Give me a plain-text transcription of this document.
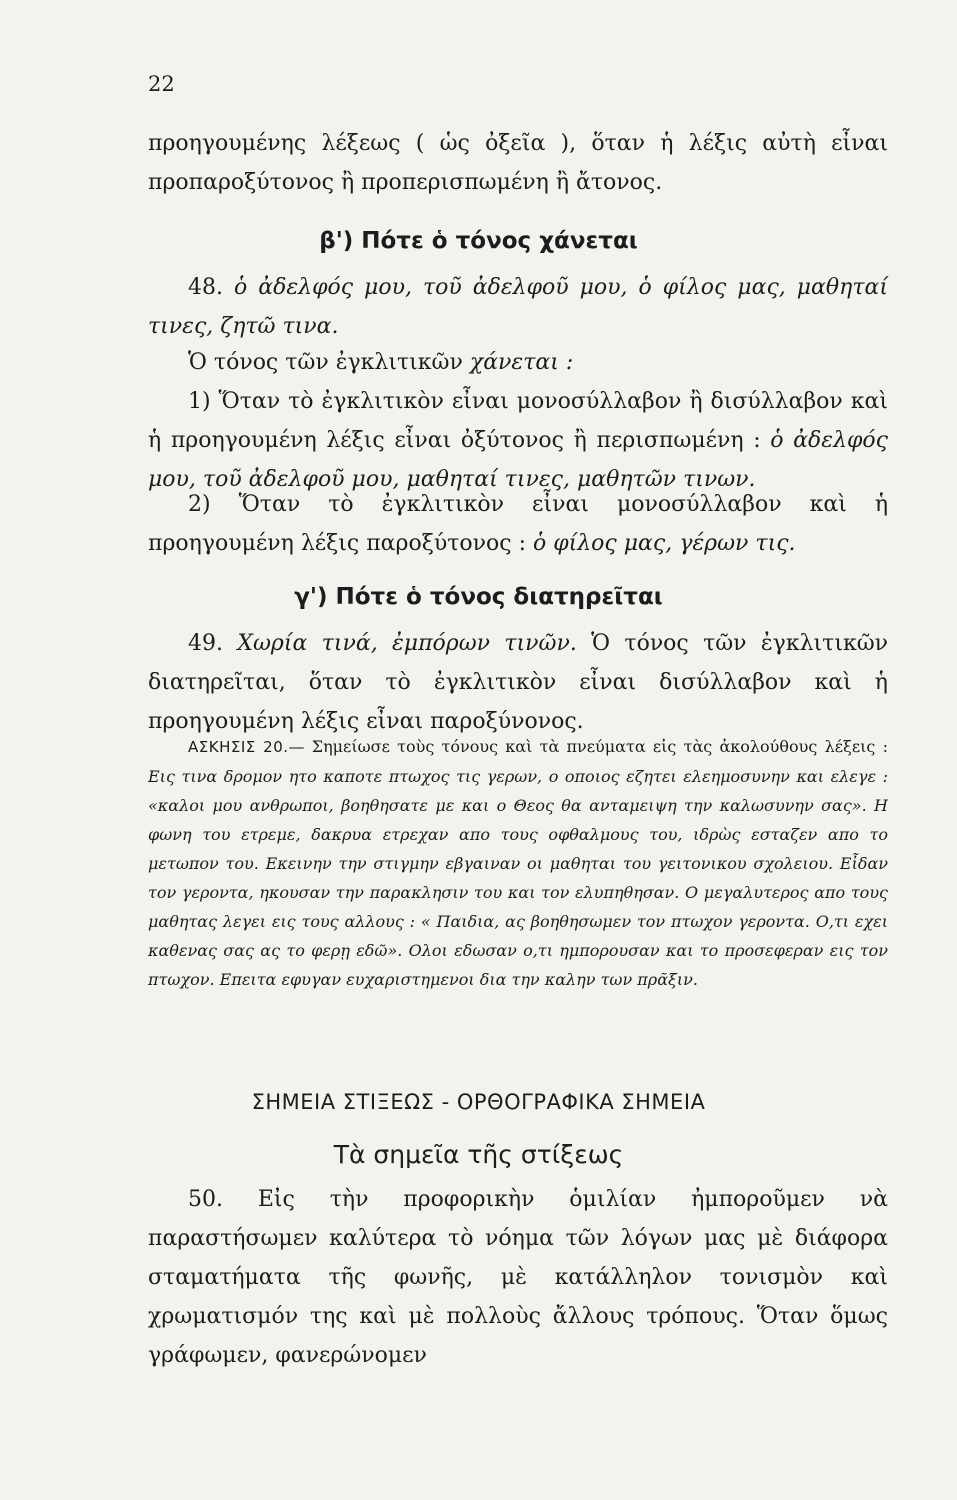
22
προηγουμένης λέξεως ( ὡς ὀξεῖα ), ὅταν ἡ λέξις αὐτὴ εἶναι προπαροξύτονος ἢ προπερισπωμένη ἢ ἄτονος.
β') Πότε ὁ τόνος χάνεται
48. ὁ ἀδελφός μου, τοῦ ἀδελφοῦ μου, ὁ φίλος μας, μαθηταί τινες, ζητῶ τινα.
Ὁ τόνος τῶν ἐγκλιτικῶν χάνεται :
1) Ὅταν τὸ ἐγκλιτικὸν εἶναι μονοσύλλαβον ἢ δισύλλαβον καὶ ἡ προηγουμένη λέξις εἶναι ὀξύτονος ἢ περισπωμένη : ὁ ἀδελφός μου, τοῦ ἀδελφοῦ μου, μαθηταί τινες, μαθητῶν τινων.
2) Ὅταν τὸ ἐγκλιτικὸν εἶναι μονοσύλλαβον καὶ ἡ προηγουμένη λέξις παροξύτονος : ὁ φίλος μας, γέρων τις.
γ') Πότε ὁ τόνος διατηρεῖται
49. Χωρία τινά, ἐμπόρων τινῶν. Ὁ τόνος τῶν ἐγκλιτικῶν διατηρεῖται, ὅταν τὸ ἐγκλιτικὸν εἶναι δισύλλαβον καὶ ἡ προηγουμένη λέξις εἶναι παροξύνονος.
ΑΣΚΗΣΙΣ 20.— Σημείωσε τοὺς τόνους καὶ τὰ πνεύματα εἰς τὰς ἀκολούθους λέξεις : Εις τινα δρομον ητο καποτε πτωχος τις γερων, ο οποιος εζητει ελεημοσυνην και ελεγε : «καλοι μου ανθρωποι, βοηθησατε με και ο Θεος θα ανταμειψη την καλωσυνην σας». Η φωνη του ετρεμε, δακρυα ετρεχαν απο τους οφθαλμους του, ιδρὼς εσταζεν απο το μετωπον του. Εκεινην την στιγμην εβγαιναν οι μαθηται του γειτονικου σχολειου. Εἶδαν τον γεροντα, ηκουσαν την παρακλησιν του και τον ελυπηθησαν. Ο μεγαλυτερος απο τους μαθητας λεγει εις τους αλλους : « Παιδια, ας βοηθησωμεν τον πτωχον γεροντα. Ο,τι εχει καθενας σας ας το φερῃ εδῶ». Ολοι εδωσαν ο,τι ημπορουσαν και το προσεφεραν εις τον πτωχον. Επειτα εφυγαν ευχαριστημενοι δια την καλην των πρᾶξιν.
ΣΗΜΕΙΑ ΣΤΙΞΕΩΣ - ΟΡΘΟΓΡΑΦΙΚΑ ΣΗΜΕΙΑ
Τὰ σημεῖα τῆς στίξεως
50. Εἰς τὴν προφορικὴν ὁμιλίαν ἠμποροῦμεν νὰ παραστήσωμεν καλύτερα τὸ νόημα τῶν λόγων μας μὲ διάφορα σταματήματα τῆς φωνῆς, μὲ κατάλληλον τονισμὸν καὶ χρωματισμόν της καὶ μὲ πολλοὺς ἄλλους τρόπους. Ὅταν ὅμως γράφωμεν, φανερώνομεν
